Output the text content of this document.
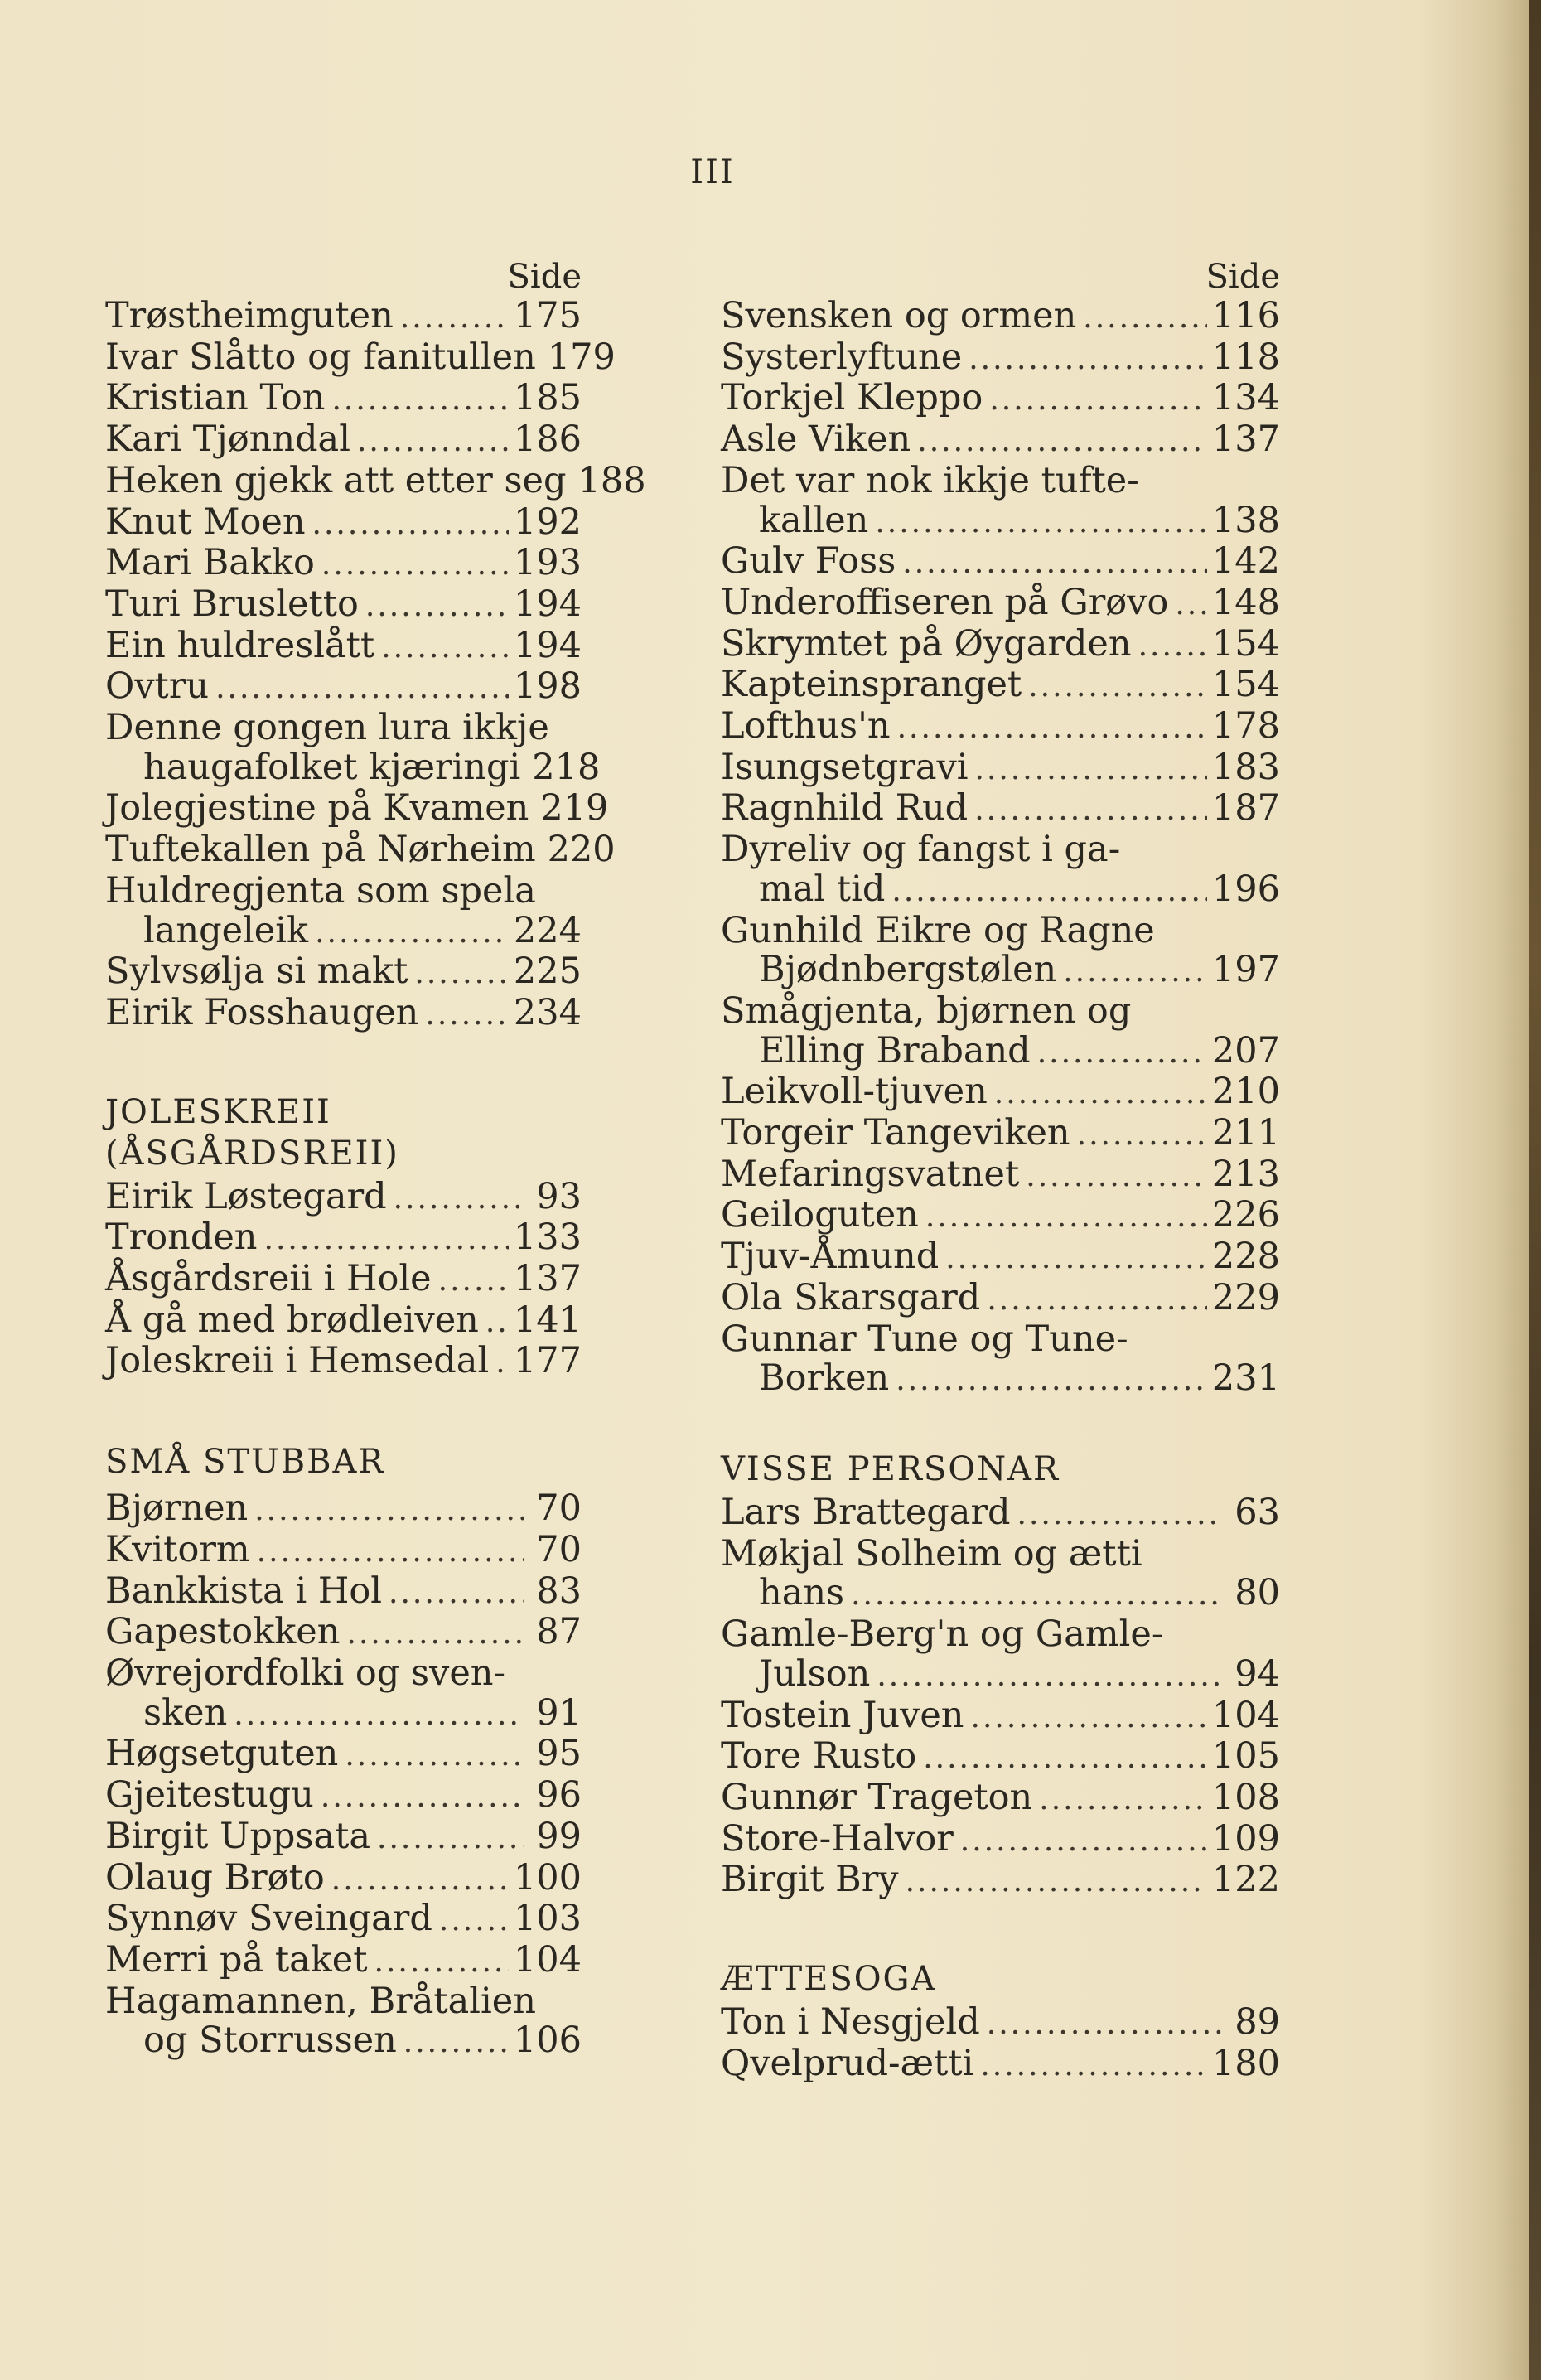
III
Side
Trøstheimguten .....	175
Ivar Slåtto og fanitullen 179
Kristian Ton .....	185
Kari Tjønndal .....	186
Heken gjekk att etter seg 188
Knut Moen .....	192
Mari Bakko .....	193
Turi Brusletto .....	194
Ein huldreslått .....	194
Ovtru .....	198
Denne gongen lura ikkje
haugafolket kjæringi 218
Jolegjestine på Kvamen 219
Tuftekallen på Nørheim 220
Huldregjenta som spela
langeleik .....	224
Sylvsølja si makt .....	225
Eirik Fosshaugen .....	234
JOLESKREII
(ÅSGÅRDSREII)
Eirik Løstegard .....	93
Tronden .....	133
Åsgårdsreii i Hole ..... 137
Å gå med brødleiven ..... 141
Joleskreii i Hemsedal ..... 177
SMÅ STUBBAR
Bjørnen .....	70
Kvitorm .....	70
Bankkista i Hol .....	83
Gapestokken .....	87
Øvrejordfolki og sven-
sken .....	91
Høgsetguten .....	95
Gjeitestugu .....	96
Birgit Uppsata .....	99
Olaug Brøto .....	100
Synnøv Sveingard ..... 103
Merri på taket .....	104
Hagamannen, Bråtalien
og Storrussen .....	106
Side
Svensken og ormen .....	116
Systerlyftune .....	118
Torkjel Kleppo .....	134
Asle Viken .....	137
Det var nok ikkje tufte-
kallen .....	138
Gulv Foss .....	142
Underoffiseren på Grøvo ..... 148
Skrymtet på Øygarden ..... 154
Kapteinspranget .....	154
Lofthus'n .....	178
Isungsetgravi .....	183
Ragnhild Rud .....	187
Dyreliv og fangst i ga-
mal tid .....	196
Gunhild Eikre og Ragne
Bjødnbergstølen .....	197
Smågjenta, bjørnen og
Elling Braband .....	207
Leikvoll-tjuven .....	210
Torgeir Tangeviken .....	211
Mefaringsvatnet .....	213
Geiloguten .....	226
Tjuv-Åmund .....	228
Ola Skarsgard .....	229
Gunnar Tune og Tune-
Borken .....	231
VISSE PERSONAR
Lars Brattegard .....	63
Møkjal Solheim og ætti
hans .....	80
Gamle-Berg'n og Gamle-
Julson .....	94
Tostein Juven .....	104
Tore Rusto .....	105
Gunnør Trageton .....	108
Store-Halvor .....	109
Birgit Bry .....	122
ÆTTESOGA
Ton i Nesgjeld .....	89
Qvelprud-ætti .....	180
